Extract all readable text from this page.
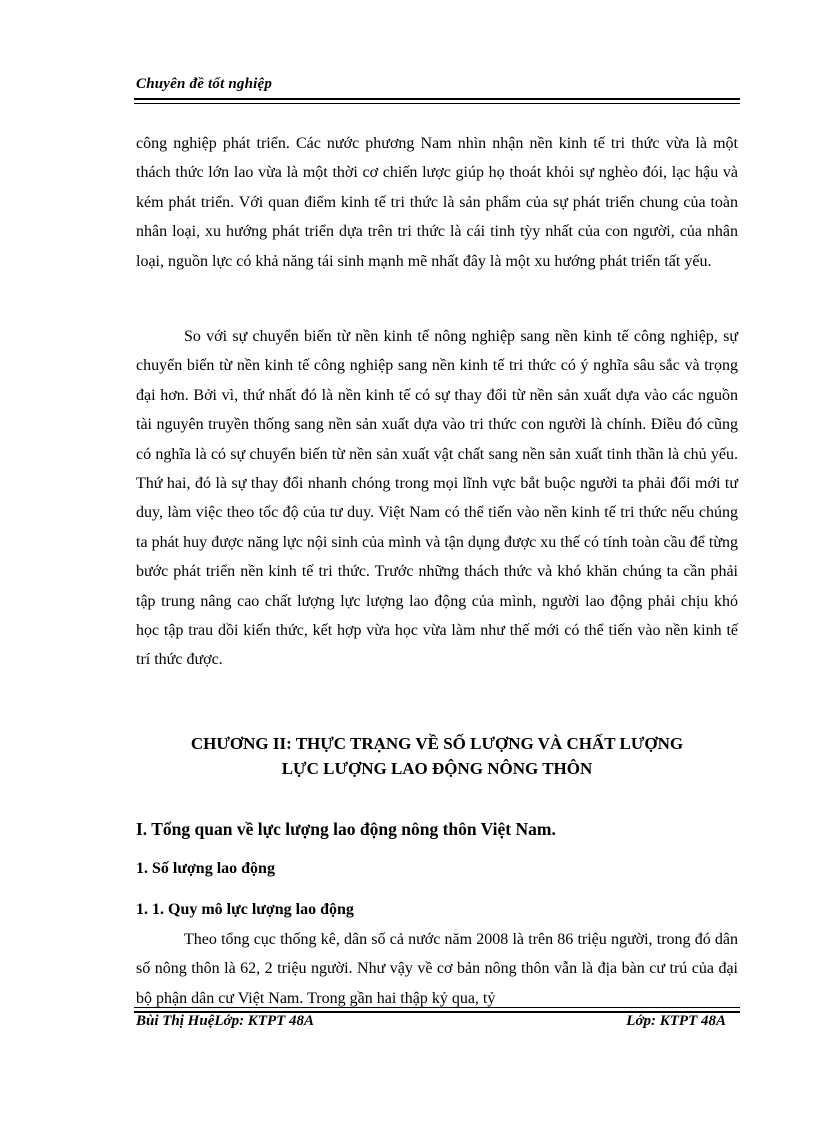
Chuyên đề tốt nghiệp

công nghiệp phát triển. Các nước phương Nam nhìn nhận nền kinh tế tri thức vừa là một thách thức lớn lao vừa là một thời cơ chiến lược giúp họ thoát khỏi sự nghèo đói, lạc hậu và kém phát triển. Với quan điểm kinh tế tri thức là sản phẩm của sự phát triển chung của toàn nhân loại, xu hướng phát triển dựa trên tri thức là cái tinh tỳy nhất của con người, của nhân loại, nguồn lực có khả năng tái sinh mạnh mẽ nhất đây là một xu hướng phát triển tất yếu.

So với sự chuyển biến từ nền kinh tế nông nghiệp sang nền kinh tế công nghiệp, sự chuyển biến từ nền kinh tế công nghiệp sang nền kinh tế tri thức có ý nghĩa sâu sắc và trọng đại hơn. Bởi vì, thứ nhất đó là nền kinh tế có sự thay đổi từ nền sản xuất dựa vào các nguồn tài nguyên truyền thống sang nền sản xuất dựa vào tri thức con người là chính. Điều đó cũng có nghĩa là có sự chuyển biến từ nền sản xuất vật chất sang nền sản xuất tinh thần là chủ yếu. Thứ hai, đó là sự thay đổi nhanh chóng trong mọi lĩnh vực bắt buộc người ta phải đổi mới tư duy, làm việc theo tốc độ của tư duy. Việt Nam có thể tiến vào nền kinh tế tri thức nếu chúng ta phát huy được năng lực nội sinh của mình và tận dụng được xu thế có tính toàn cầu để từng bước phát triển nền kinh tế tri thức. Trước những thách thức và khó khăn chúng ta cần phải tập trung nâng cao chất lượng lực lượng lao động của mình, người lao động phải chịu khó học tập trau dồi kiến thức, kết hợp vừa học vừa làm như thế mới có thể tiến vào nền kinh tế trí thức được.

CHƯƠNG II: THỰC TRẠNG VỀ SỐ LƯỢNG VÀ CHẤT LƯỢNG
LỰC LƯỢNG LAO ĐỘNG NÔNG THÔN
I. Tổng quan về lực lượng lao động nông thôn Việt Nam.
1. Số lượng lao động
1. 1. Quy mô lực lượng lao động

Theo tổng cục thống kê, dân số cả nước năm 2008 là trên 86 triệu người, trong đó dân số nông thôn là 62, 2 triệu người. Như vậy về cơ bản nông thôn vẫn là địa bàn cư trú của đại bộ phận dân cư Việt Nam. Trong gần hai thập kỷ qua, tỷ

Bùi Thị HuệLớp: KTPT 48A	Lớp: KTPT 48A
